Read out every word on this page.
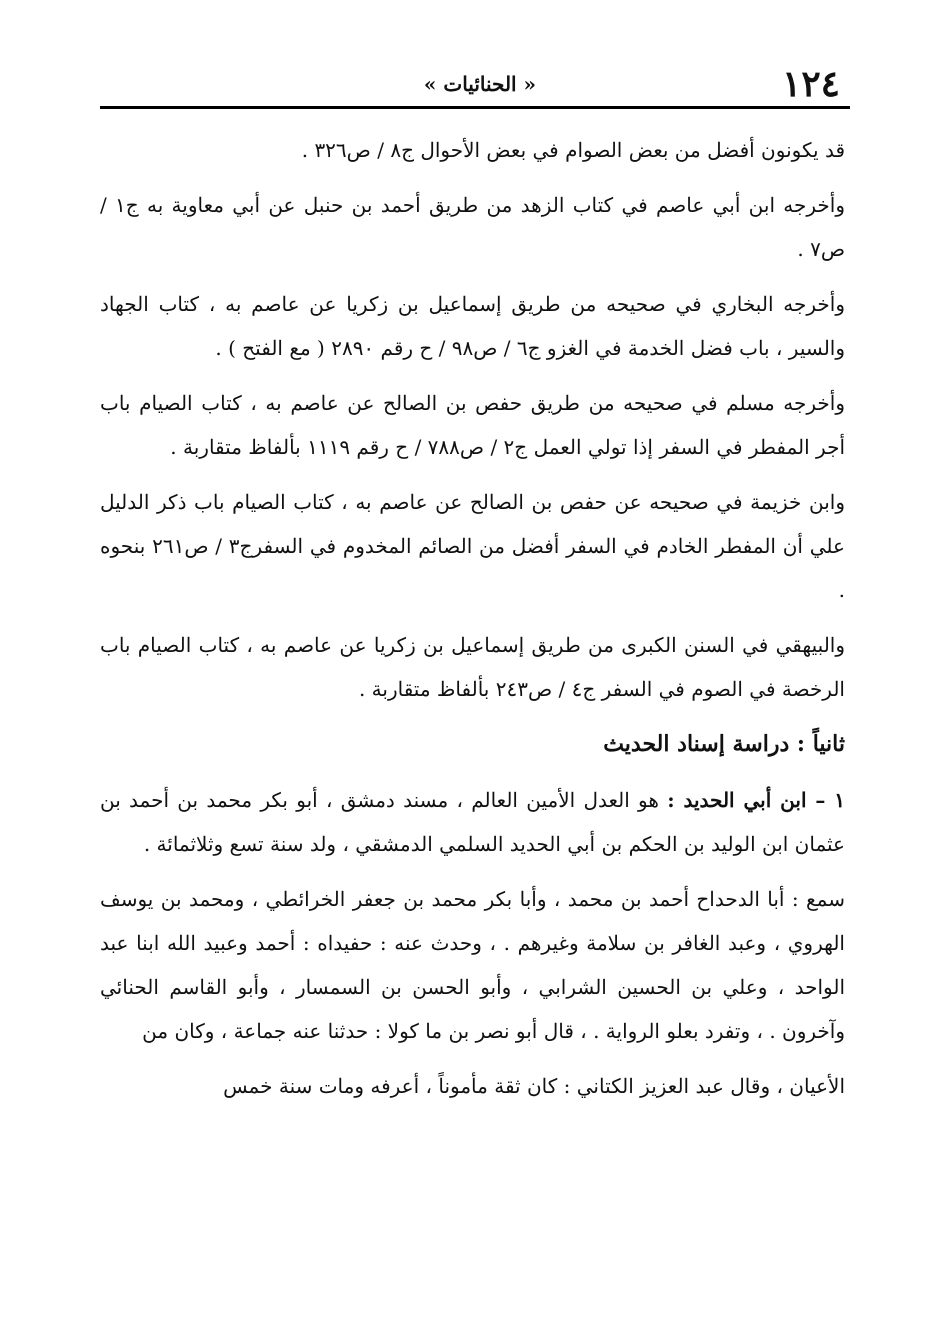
١٢٤
« الحنائيات »

قد يكونون أفضل من بعض الصوام في بعض الأحوال ج٨ / ص٣٢٦ .

وأخرجه ابن أبي عاصم في كتاب الزهد من طريق أحمد بن حنبل عن أبي معاوية به ج١ / ص٧ .

وأخرجه البخاري في صحيحه من طريق إسماعيل بن زكريا عن عاصم به ، كتاب الجهاد والسير ، باب فضل الخدمة في الغزو ج٦ / ص٩٨ / ح رقم ٢٨٩٠ ( مع الفتح ) .

وأخرجه مسلم في صحيحه من طريق حفص بن الصالح عن عاصم به ، كتاب الصيام باب أجر المفطر في السفر إذا تولي العمل ج٢ / ص٧٨٨ / ح رقم ١١١٩ بألفاظ متقاربة .

وابن خزيمة في صحيحه عن حفص بن الصالح عن عاصم به ، كتاب الصيام باب ذكر الدليل علي أن المفطر الخادم في السفر أفضل من الصائم المخدوم في السفرج٣ / ص٢٦١ بنحوه .

والبيهقي في السنن الكبرى من طريق إسماعيل بن زكريا عن عاصم به ، كتاب الصيام باب الرخصة في الصوم في السفر ج٤ / ص٢٤٣ بألفاظ متقاربة .

ثانياً : دراسة إسناد الحديث

١ – ابن أبي الحديد : هو العدل الأمين العالم ، مسند دمشق ، أبو بكر محمد بن أحمد بن عثمان ابن الوليد بن الحكم بن أبي الحديد السلمي الدمشقي ، ولد سنة تسع وثلاثمائة .

سمع : أبا الدحداح أحمد بن محمد ، وأبا بكر محمد بن جعفر الخرائطي ، ومحمد بن يوسف الهروي ، وعبد الغافر بن سلامة وغيرهم . ، وحدث عنه : حفيداه : أحمد وعبيد الله ابنا عبد الواحد ، وعلي بن الحسين الشرابي ، وأبو الحسن بن السمسار ، وأبو القاسم الحنائي وآخرون . ، وتفرد بعلو الرواية . ، قال أبو نصر بن ما كولا : حدثنا عنه جماعة ، وكان من

الأعيان ، وقال عبد العزيز الكتاني : كان ثقة مأموناً ، أعرفه ومات سنة خمس
